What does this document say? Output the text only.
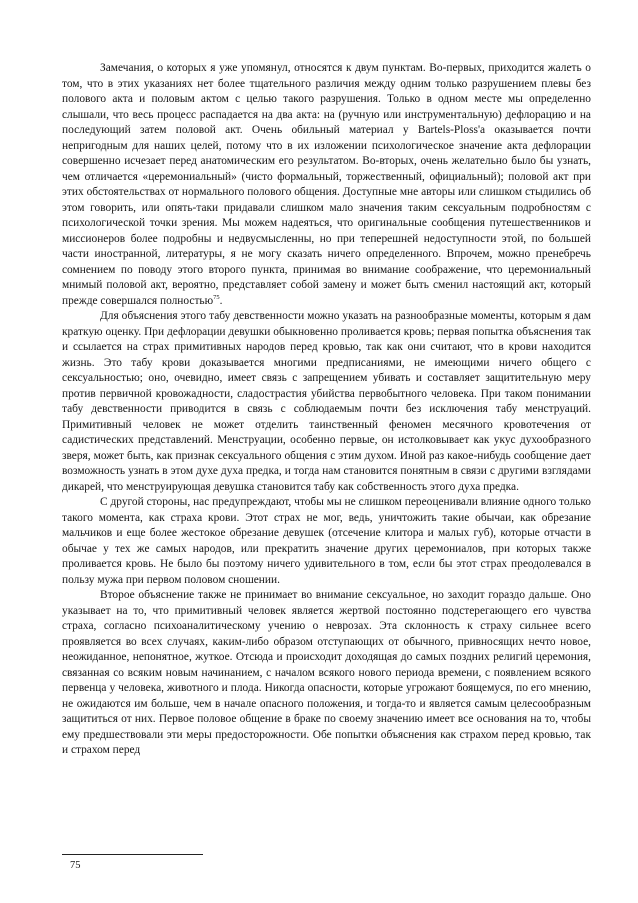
Замечания, о которых я уже упомянул, относятся к двум пунктам. Во-первых, приходится жалеть о том, что в этих указаниях нет более тщательного различия между одним только разрушением плевы без полового акта и половым актом с целью такого разрушения. Только в одном месте мы определенно слышали, что весь процесс распадается на два акта: на (ручную или инструментальную) дефлорацию и на последующий затем половой акт. Очень обильный материал у Bartels-Ploss'a оказывается почти непригодным для наших целей, потому что в их изложении психологическое значение акта дефлорации совершенно исчезает перед анатомическим его результатом. Во-вторых, очень желательно было бы узнать, чем отличается «церемониальный» (чисто формальный, торжественный, официальный); половой акт при этих обстоятельствах от нормального полового общения. Доступные мне авторы или слишком стыдились об этом говорить, или опять-таки придавали слишком мало значения таким сексуальным подробностям с психологической точки зрения. Мы можем надеяться, что оригинальные сообщения путешественников и миссионеров более подробны и недвусмысленны, но при теперешней недоступности этой, по большей части иностранной, литературы, я не могу сказать ничего определенного. Впрочем, можно пренебречь сомнением по поводу этого второго пункта, принимая во внимание соображение, что церемониальный мнимый половой акт, вероятно, представляет собой замену и может быть сменил настоящий акт, который прежде совершался полностью$^{75}$.

Для объяснения этого табу девственности можно указать на разнообразные моменты, которым я дам краткую оценку. При дефлорации девушки обыкновенно проливается кровь; первая попытка объяснения так и ссылается на страх примитивных народов перед кровью, так как они считают, что в крови находится жизнь. Это табу крови доказывается многими предписаниями, не имеющими ничего общего с сексуальностью; оно, очевидно, имеет связь с запрещением убивать и составляет защитительную меру против первичной кровожадности, сладострастия убийства первобытного человека. При таком понимании табу девственности приводится в связь с соблюдаемым почти без исключения табу менструаций. Примитивный человек не может отделить таинственный феномен месячного кровотечения от садистических представлений. Менструации, особенно первые, он истолковывает как укус духообразного зверя, может быть, как признак сексуального общения с этим духом. Иной раз какое-нибудь сообщение дает возможность узнать в этом духе духа предка, и тогда нам становится понятным в связи с другими взглядами дикарей, что менструирующая девушка становится табу как собственность этого духа предка.

С другой стороны, нас предупреждают, чтобы мы не слишком переоценивали влияние одного только такого момента, как страха крови. Этот страх не мог, ведь, уничтожить такие обычаи, как обрезание мальчиков и еще более жестокое обрезание девушек (отсечение клитора и малых губ), которые отчасти в обычае у тех же самых народов, или прекратить значение других церемониалов, при которых также проливается кровь. Не было бы поэтому ничего удивительного в том, если бы этот страх преодолевался в пользу мужа при первом половом сношении.

Второе объяснение также не принимает во внимание сексуальное, но заходит гораздо дальше. Оно указывает на то, что примитивный человек является жертвой постоянно подстерегающего его чувства страха, согласно психоаналитическому учению о неврозах. Эта склонность к страху сильнее всего проявляется во всех случаях, каким-либо образом отступающих от обычного, привносящих нечто новое, неожиданное, непонятное, жуткое. Отсюда и происходит доходящая до самых поздних религий церемония, связанная со всяким новым начинанием, с началом всякого нового периода времени, с появлением всякого первенца у человека, животного и плода. Никогда опасности, которые угрожают боящемуся, по его мнению, не ожидаются им больше, чем в начале опасного положения, и тогда-то и является самым целесообразным защититься от них. Первое половое общение в браке по своему значению имеет все основания на то, чтобы ему предшествовали эти меры предосторожности. Обе попытки объяснения как страхом перед кровью, так и страхом перед

75
